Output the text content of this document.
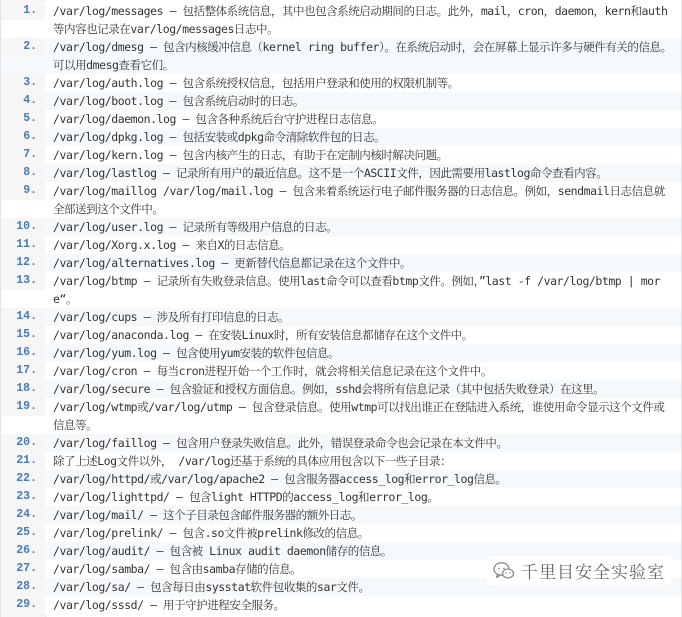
1.	/var/log/messages – 包括整体系统信息，其中也包含系统启动期间的日志。此外，mail，cron，daemon，kern和auth等内容也记录在var/log/messages日志中。
2.	/var/log/dmesg – 包含内核缓冲信息（kernel ring buffer）。在系统启动时，会在屏幕上显示许多与硬件有关的信息。可以用dmesg查看它们。
3.	/var/log/auth.log – 包含系统授权信息，包括用户登录和使用的权限机制等。
4.	/var/log/boot.log – 包含系统启动时的日志。
5.	/var/log/daemon.log – 包含各种系统后台守护进程日志信息。
6.	/var/log/dpkg.log – 包括安装或dpkg命令清除软件包的日志。
7.	/var/log/kern.log – 包含内核产生的日志，有助于在定制内核时解决问题。
8.	/var/log/lastlog – 记录所有用户的最近信息。这不是一个ASCII文件，因此需要用lastlog命令查看内容。
9.	/var/log/maillog /var/log/mail.log – 包含来着系统运行电子邮件服务器的日志信息。例如，sendmail日志信息就全部送到这个文件中。
10.	/var/log/user.log – 记录所有等级用户信息的日志。
11.	/var/log/Xorg.x.log – 来自X的日志信息。
12.	/var/log/alternatives.log – 更新替代信息都记录在这个文件中。
13.	/var/log/btmp – 记录所有失败登录信息。使用last命令可以查看btmp文件。例如，”last -f /var/log/btmp | more“。
14.	/var/log/cups – 涉及所有打印信息的日志。
15.	/var/log/anaconda.log – 在安装Linux时，所有安装信息都储存在这个文件中。
16.	/var/log/yum.log – 包含使用yum安装的软件包信息。
17.	/var/log/cron – 每当cron进程开始一个工作时，就会将相关信息记录在这个文件中。
18.	/var/log/secure – 包含验证和授权方面信息。例如，sshd会将所有信息记录（其中包括失败登录）在这里。
19.	/var/log/wtmp或/var/log/utmp – 包含登录信息。使用wtmp可以找出谁正在登陆进入系统，谁使用命令显示这个文件或信息等。
20.	/var/log/faillog – 包含用户登录失败信息。此外，错误登录命令也会记录在本文件中。
21.	除了上述Log文件以外， /var/log还基于系统的具体应用包含以下一些子目录：
22.	/var/log/httpd/或/var/log/apache2 – 包含服务器access_log和error_log信息。
23.	/var/log/lighttpd/ – 包含light HTTPD的access_log和error_log。
24.	/var/log/mail/ – 这个子目录包含邮件服务器的额外日志。
25.	/var/log/prelink/ – 包含.so文件被prelink修改的信息。
26.	/var/log/audit/ – 包含被 Linux audit daemon储存的信息。
27.	/var/log/samba/ – 包含由samba存储的信息。
28.	/var/log/sa/ – 包含每日由sysstat软件包收集的sar文件。
29.	/var/log/sssd/ – 用于守护进程安全服务。
千里目安全实验室
